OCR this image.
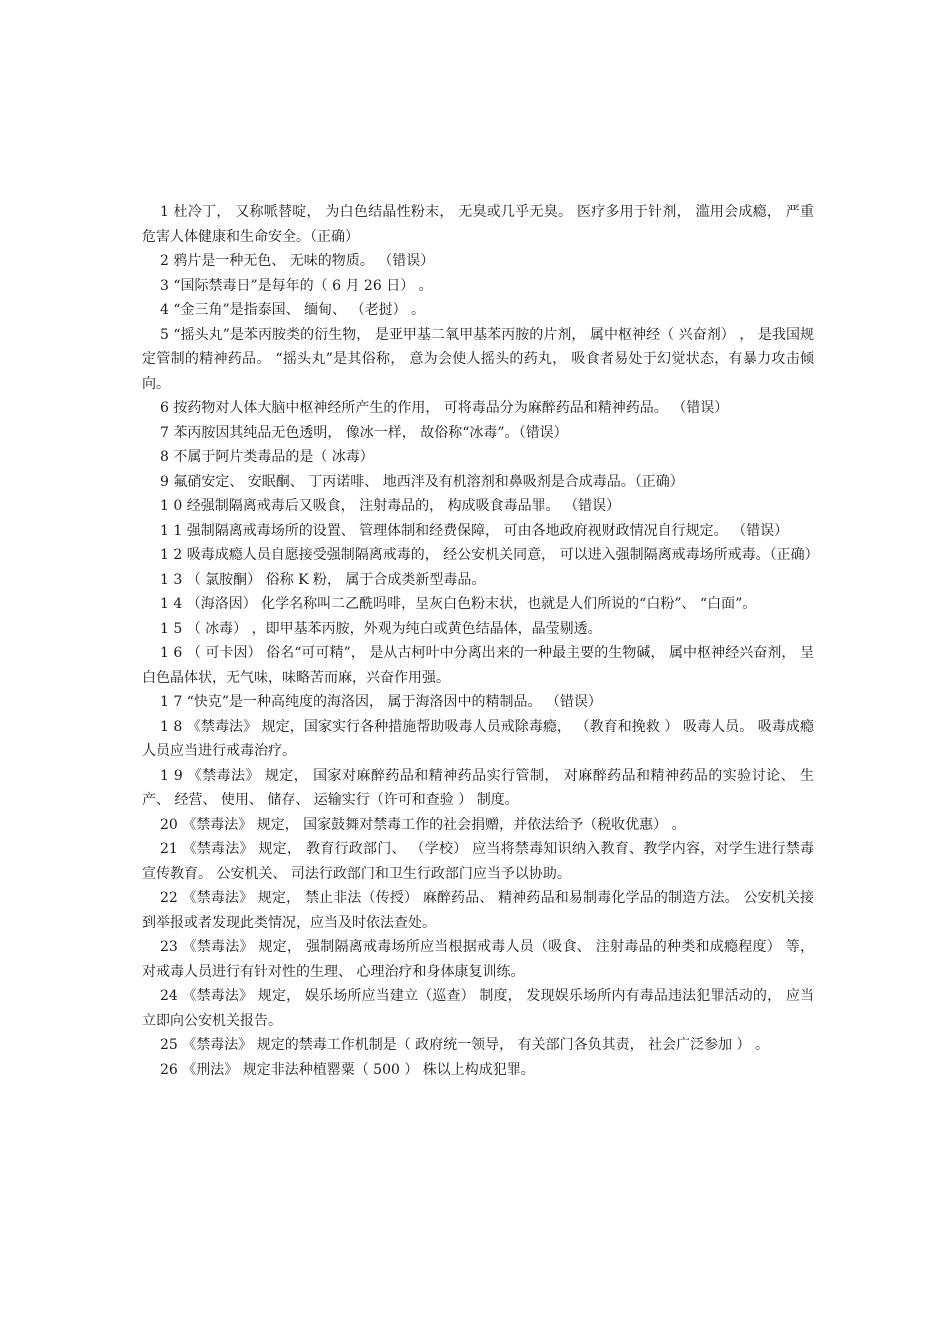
1 杜冷丁， 又称哌替啶， 为白色结晶性粉末， 无臭或几乎无臭。 医疗多用于针剂， 滥用会成瘾， 严重危害人体健康和生命安全。（正确）

2 鸦片是一种无色、 无味的物质。 （错误）

3 “国际禁毒日”是每年的（ 6 月 26 日） 。

4 “金三角”是指泰国、 缅甸、 （老挝） 。

5 “摇头丸”是苯丙胺类的衍生物， 是亚甲基二氧甲基苯丙胺的片剂， 属中枢神经（ 兴奋剂） ， 是我国规定管制的精神药品。 “摇头丸”是其俗称， 意为会使人摇头的药丸， 吸食者易处于幻觉状态，有暴力攻击倾向。

6 按药物对人体大脑中枢神经所产生的作用， 可将毒品分为麻醉药品和精神药品。 （错误）

7 苯丙胺因其纯品无色透明， 像冰一样， 故俗称“冰毒”。（错误）

8 不属于阿片类毒品的是（ 冰毒）

9 氟硝安定、 安眠酮、 丁丙诺啡、 地西泮及有机溶剂和鼻吸剂是合成毒品。（正确）

1 0 经强制隔离戒毒后又吸食， 注射毒品的， 构成吸食毒品罪。 （错误）

1 1 强制隔离戒毒场所的设置、 管理体制和经费保障， 可由各地政府视财政情况自行规定。 （错误）

1 2 吸毒成瘾人员自愿接受强制隔离戒毒的， 经公安机关同意， 可以进入强制隔离戒毒场所戒毒。（正确）

1 3 （ 氯胺酮） 俗称 K 粉， 属于合成类新型毒品。

1 4 （海洛因） 化学名称叫二乙酰吗啡，呈灰白色粉末状，也就是人们所说的“白粉”、 “白面”。

1 5 （ 冰毒） ，即甲基苯丙胺，外观为纯白或黄色结晶体，晶莹剔透。

1 6 （ 可卡因） 俗名“可可精”， 是从古柯叶中分离出来的一种最主要的生物碱， 属中枢神经兴奋剂， 呈白色晶体状，无气味，味略苦而麻，兴奋作用强。

1 7 “快克”是一种高纯度的海洛因， 属于海洛因中的精制品。 （错误）

1 8 《禁毒法》 规定，国家实行各种措施帮助吸毒人员戒除毒瘾， （教育和挽救 ） 吸毒人员。 吸毒成瘾人员应当进行戒毒治疗。

1 9 《禁毒法》 规定， 国家对麻醉药品和精神药品实行管制， 对麻醉药品和精神药品的实验讨论、 生产、 经营、 使用、 储存、 运输实行（许可和查验 ） 制度。

20 《禁毒法》 规定， 国家鼓舞对禁毒工作的社会捐赠，并依法给予（税收优惠） 。

21 《禁毒法》 规定， 教育行政部门、 （学校） 应当将禁毒知识纳入教育、教学内容，对学生进行禁毒宣传教育。 公安机关、 司法行政部门和卫生行政部门应当予以协助。

22 《禁毒法》 规定， 禁止非法（传授） 麻醉药品、 精神药品和易制毒化学品的制造方法。 公安机关接到举报或者发现此类情况，应当及时依法查处。

23 《禁毒法》 规定， 强制隔离戒毒场所应当根据戒毒人员（吸食、 注射毒品的种类和成瘾程度） 等， 对戒毒人员进行有针对性的生理、 心理治疗和身体康复训练。

24 《禁毒法》 规定， 娱乐场所应当建立（巡查） 制度， 发现娱乐场所内有毒品违法犯罪活动的， 应当立即向公安机关报告。

25 《禁毒法》 规定的禁毒工作机制是（ 政府统一领导， 有关部门各负其责， 社会广泛参加 ） 。

26 《刑法》 规定非法种植罂粟（ 500 ） 株以上构成犯罪。
